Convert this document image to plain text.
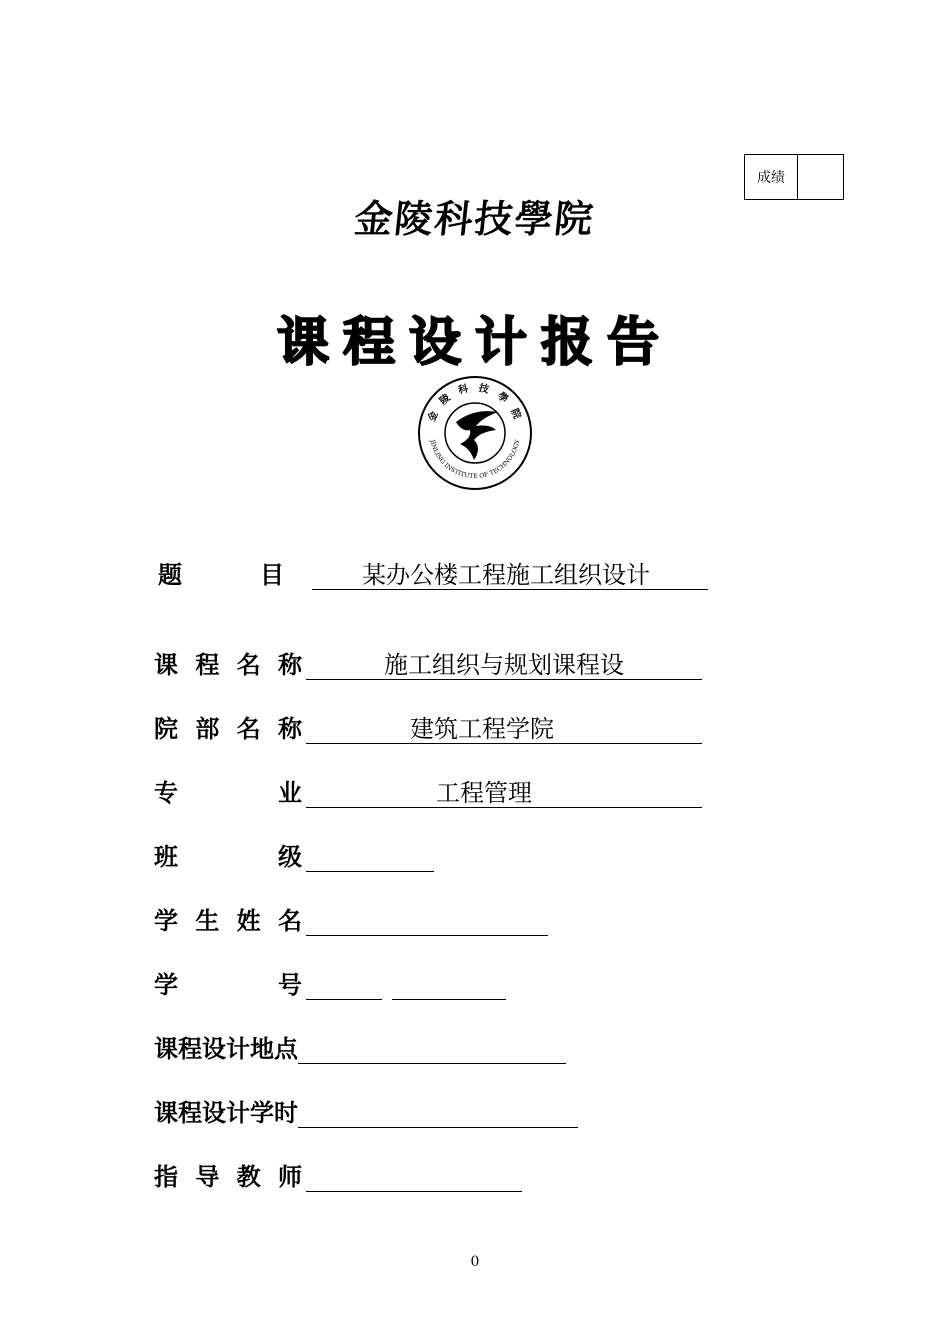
成绩
金陵科技學院
课程设计报告
金 陵 科 技 學 院
JINLING INSTITUTE OF TECHNOLOGY
题	目	某办公楼工程施工组织设计
课 程 名 称	施工组织与规划课程设
院 部 名 称	建筑工程学院
专	业	工程管理
班	级
学 生 姓 名
学	号
课程设计地点
课程设计学时
指 导 教 师
0
